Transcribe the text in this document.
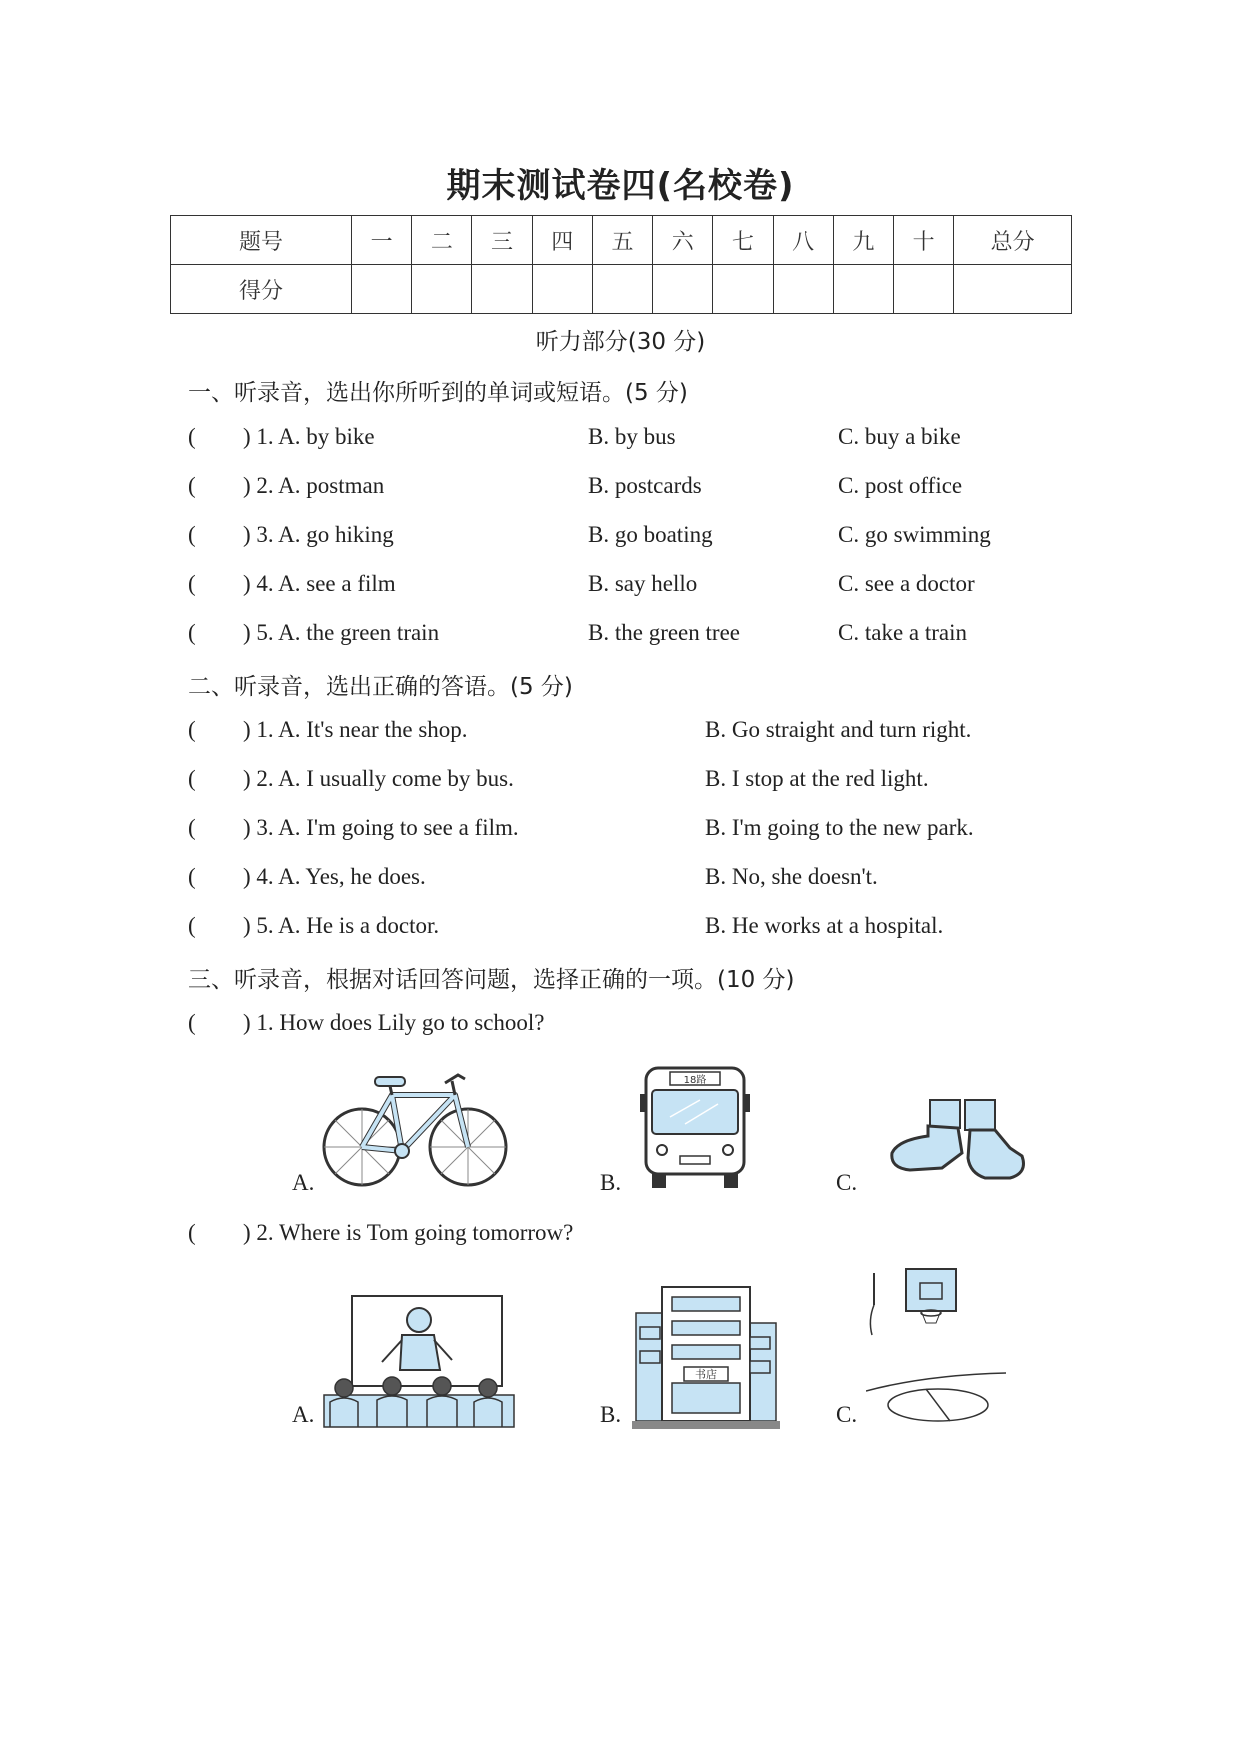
期末测试卷四(名校卷)
题号	一	二	三	四	五	六	七	八	九	十	总分
得分											
听力部分(30 分)
一、听录音，选出你所听到的单词或短语。(5 分)
( ) 1. A. by bike	B. by bus	C. buy a bike
( ) 2. A. postman	B. postcards	C. post office
( ) 3. A. go hiking	B. go boating	C. go swimming
( ) 4. A. see a film	B. say hello	C. see a doctor
( ) 5. A. the green train	B. the green tree	C. take a train
二、听录音，选出正确的答语。(5 分)
( ) 1. A. It's near the shop.	B. Go straight and turn right.
( ) 2. A. I usually come by bus.	B. I stop at the red light.
( ) 3. A. I'm going to see a film.	B. I'm going to the new park.
( ) 4. A. Yes, he does.	B. No, she doesn't.
( ) 5. A. He is a doctor.	B. He works at a hospital.
三、听录音，根据对话回答问题，选择正确的一项。(10 分)
( ) 1. How does Lily go to school?
A.	B.
18路
C.
( ) 2. Where is Tom going tomorrow?
A.	B.
书店
C.
